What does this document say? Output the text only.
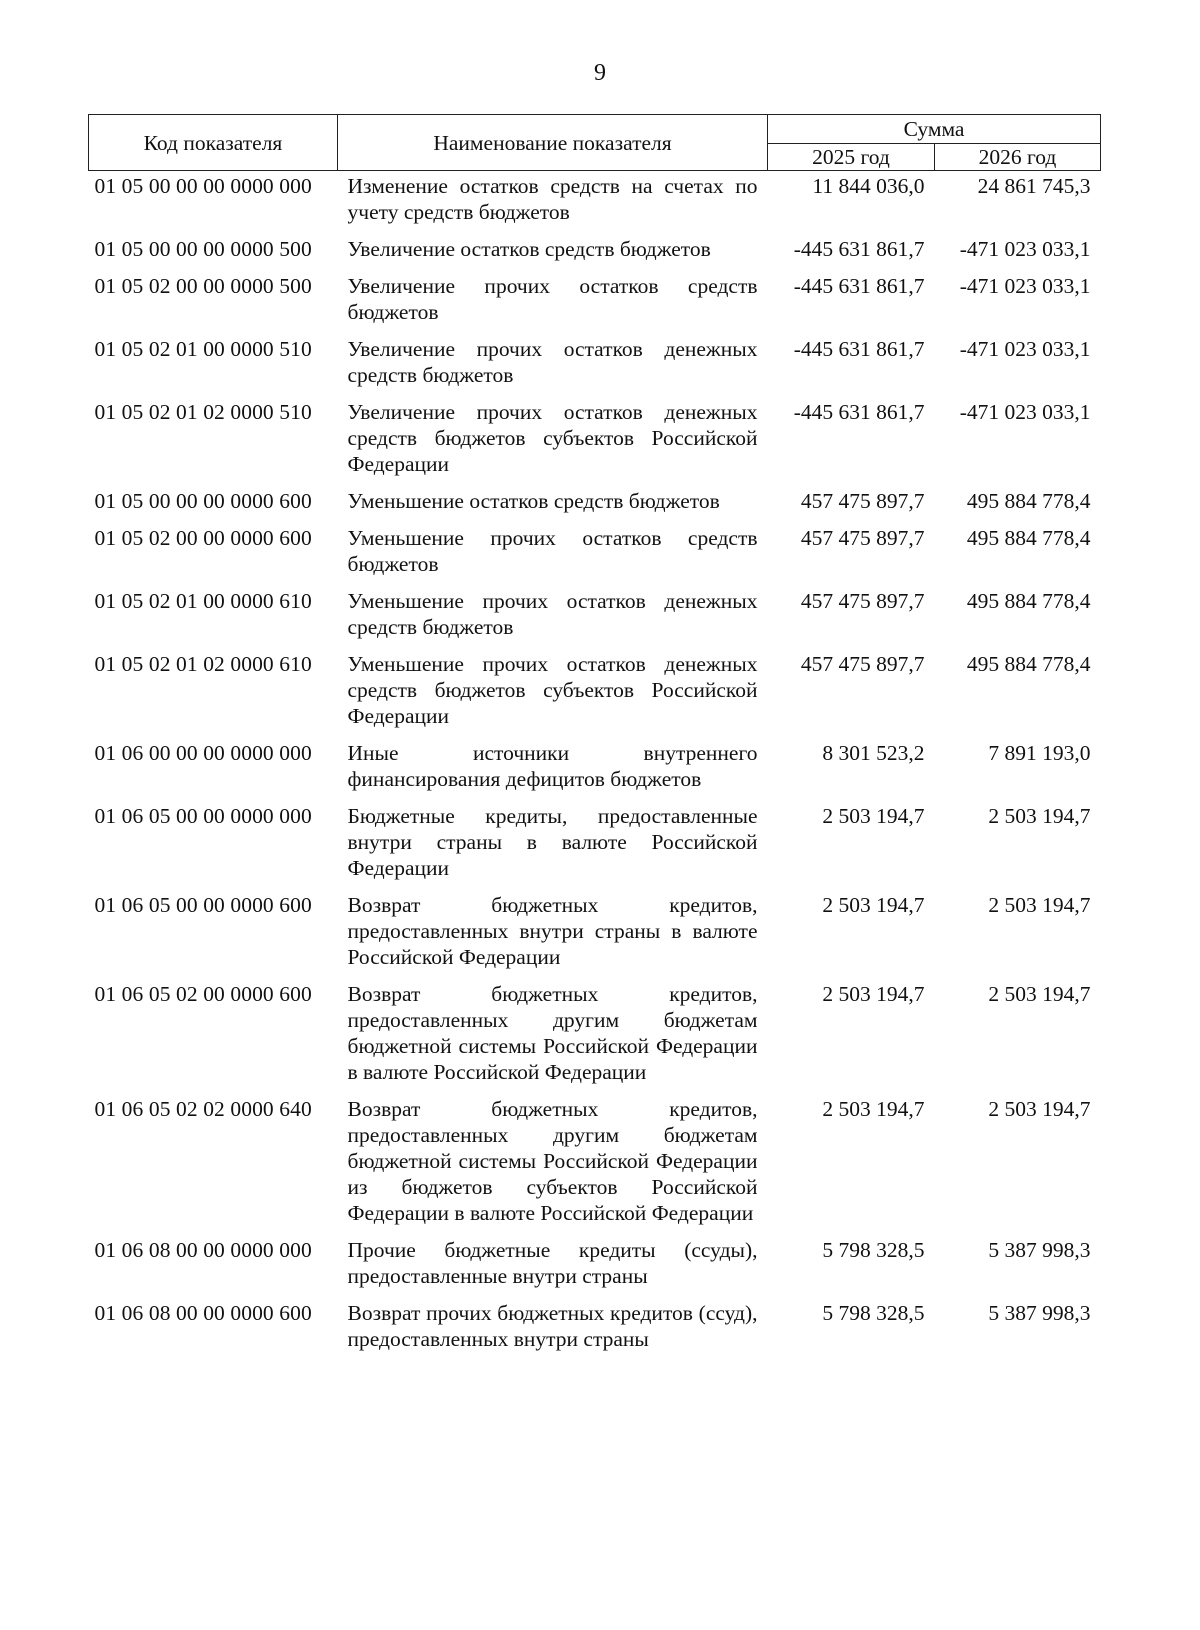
9
Код показателя	Наименование показателя	Сумма	
		2025 год	2026 год
01 05 00 00 00 0000 000	Изменение остатков средств на счетах по учету средств бюджетов	11 844 036,0	24 861 745,3
01 05 00 00 00 0000 500	Увеличение остатков средств бюджетов	-445 631 861,7	-471 023 033,1
01 05 02 00 00 0000 500	Увеличение прочих остатков средств бюджетов	-445 631 861,7	-471 023 033,1
01 05 02 01 00 0000 510	Увеличение прочих остатков денежных средств бюджетов	-445 631 861,7	-471 023 033,1
01 05 02 01 02 0000 510	Увеличение прочих остатков денежных средств бюджетов субъектов Российской Федерации	-445 631 861,7	-471 023 033,1
01 05 00 00 00 0000 600	Уменьшение остатков средств бюджетов	457 475 897,7	495 884 778,4
01 05 02 00 00 0000 600	Уменьшение прочих остатков средств бюджетов	457 475 897,7	495 884 778,4
01 05 02 01 00 0000 610	Уменьшение прочих остатков денежных средств бюджетов	457 475 897,7	495 884 778,4
01 05 02 01 02 0000 610	Уменьшение прочих остатков денежных средств бюджетов субъектов Российской Федерации	457 475 897,7	495 884 778,4
01 06 00 00 00 0000 000	Иные источники внутреннего финансирования дефицитов бюджетов	8 301 523,2	7 891 193,0
01 06 05 00 00 0000 000	Бюджетные кредиты, предоставленные внутри страны в валюте Российской Федерации	2 503 194,7	2 503 194,7
01 06 05 00 00 0000 600	Возврат бюджетных кредитов, предоставленных внутри страны в валюте Российской Федерации	2 503 194,7	2 503 194,7
01 06 05 02 00 0000 600	Возврат бюджетных кредитов, предоставленных другим бюджетам бюджетной системы Российской Федерации в валюте Российской Федерации	2 503 194,7	2 503 194,7
01 06 05 02 02 0000 640	Возврат бюджетных кредитов, предоставленных другим бюджетам бюджетной системы Российской Федерации из бюджетов субъектов Российской Федерации в валюте Российской Федерации	2 503 194,7	2 503 194,7
01 06 08 00 00 0000 000	Прочие бюджетные кредиты (ссуды), предоставленные внутри страны	5 798 328,5	5 387 998,3
01 06 08 00 00 0000 600	Возврат прочих бюджетных кредитов (ссуд), предоставленных внутри страны	5 798 328,5	5 387 998,3
